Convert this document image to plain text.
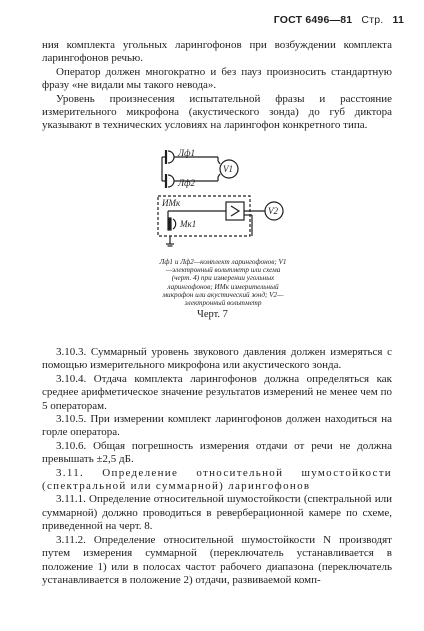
ГОСТ 6496—81 Стр. 11

ния комплекта угольных ларингофонов при возбуждении комплекта ларингофонов речью.

Оператор должен многократно и без пауз произносить стандартную фразу «не видали мы такого невода».

Уровень произнесения испытательной фразы и расстояние измерительного микрофона (акустического зонда) до губ диктора указывают в технических условиях на ларингофон конкретного типа.

Лф1
Лф2
V1
V2
ИМк
Мк1
Лф1 и Лф2—комплект ларингофонов; V1—электронный вольтметр или схема (черт. 4) при измерении угольных ларингофонов; ИМк измерительный микрофон или акустический зонд; V2—электронный вольтметр
Черт. 7

3.10.3. Суммарный уровень звукового давления должен измеряться с помощью измерительного микрофона или акустического зонда.

3.10.4. Отдача комплекта ларингофонов должна определяться как среднее арифметическое значение результатов измерений не менее чем по 5 операторам.

3.10.5. При измерении комплект ларингофонов должен находиться на горле оператора.

3.10.6. Общая погрешность измерения отдачи от речи не должна превышать ±2,5 дБ.

3.11. Определение относительной шумостойкости (спектральной или суммарной) ларингофонов

3.11.1. Определение относительной шумостойкости (спектральной или суммарной) должно проводиться в реверберационной камере по схеме, приведенной на черт. 8.

3.11.2. Определение относительной шумостойкости N производят путем измерения суммарной (переключатель устанавливается в положение 1) или в полосах частот рабочего диапазона (переключатель устанавливается в положение 2) отдачи, развиваемой комп-
